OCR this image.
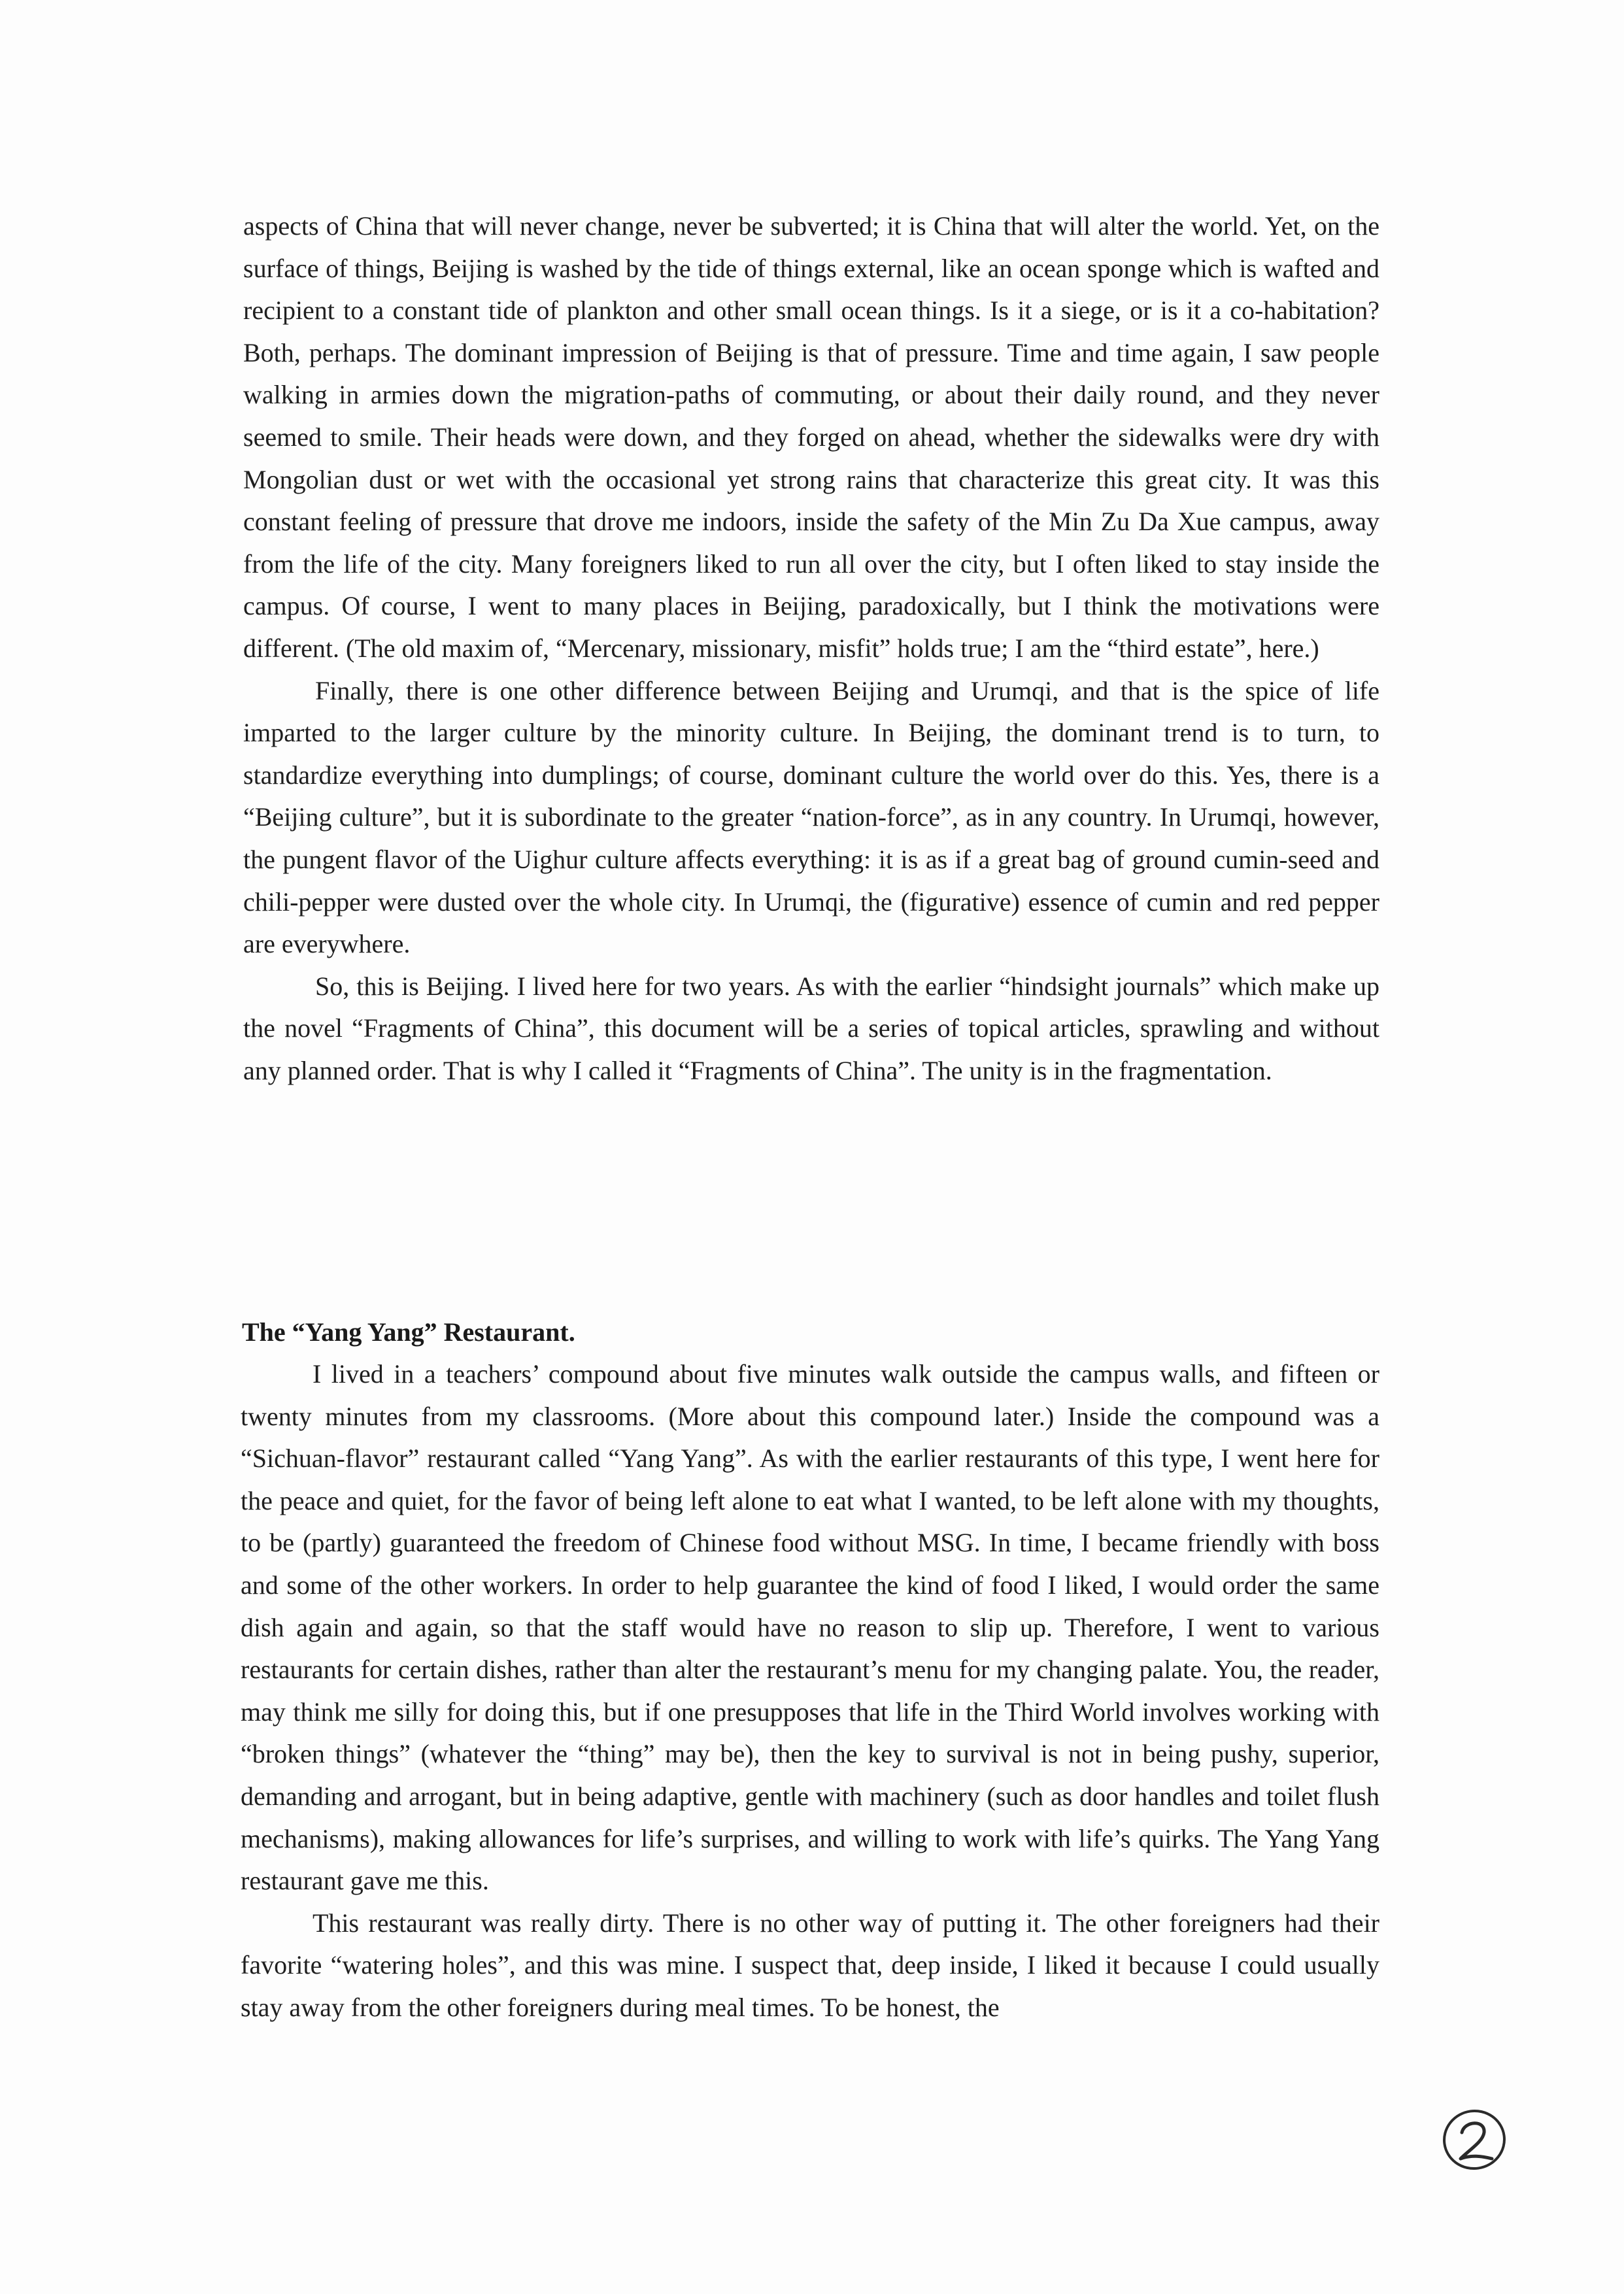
aspects of China that will never change, never be subverted; it is China that will alter the world. Yet, on the surface of things, Beijing is washed by the tide of things external, like an ocean sponge which is wafted and recipient to a constant tide of plankton and other small ocean things. Is it a siege, or is it a co-habitation? Both, perhaps. The dominant impression of Beijing is that of pressure. Time and time again, I saw people walking in armies down the migration-paths of commuting, or about their daily round, and they never seemed to smile. Their heads were down, and they forged on ahead, whether the sidewalks were dry with Mongolian dust or wet with the occasional yet strong rains that characterize this great city. It was this constant feeling of pressure that drove me indoors, inside the safety of the Min Zu Da Xue campus, away from the life of the city. Many foreigners liked to run all over the city, but I often liked to stay inside the campus. Of course, I went to many places in Beijing, paradoxically, but I think the motivations were different. (The old maxim of, “Mercenary, missionary, misfit” holds true; I am the “third estate”, here.)

Finally, there is one other difference between Beijing and Urumqi, and that is the spice of life imparted to the larger culture by the minority culture. In Beijing, the dominant trend is to turn, to standardize everything into dumplings; of course, dominant culture the world over do this. Yes, there is a “Beijing culture”, but it is subordinate to the greater “nation-force”, as in any country. In Urumqi, however, the pungent flavor of the Uighur culture affects everything: it is as if a great bag of ground cumin-seed and chili-pepper were dusted over the whole city. In Urumqi, the (figurative) essence of cumin and red pepper are everywhere.

So, this is Beijing. I lived here for two years. As with the earlier “hindsight journals” which make up the novel “Fragments of China”, this document will be a series of topical articles, sprawling and without any planned order. That is why I called it “Fragments of China”. The unity is in the fragmentation.

The “Yang Yang” Restaurant.

I lived in a teachers’ compound about five minutes walk outside the campus walls, and fifteen or twenty minutes from my classrooms. (More about this compound later.) Inside the compound was a “Sichuan-flavor” restaurant called “Yang Yang”. As with the earlier restaurants of this type, I went here for the peace and quiet, for the favor of being left alone to eat what I wanted, to be left alone with my thoughts, to be (partly) guaranteed the freedom of Chinese food without MSG. In time, I became friendly with boss and some of the other workers. In order to help guarantee the kind of food I liked, I would order the same dish again and again, so that the staff would have no reason to slip up. Therefore, I went to various restaurants for certain dishes, rather than alter the restaurant’s menu for my changing palate. You, the reader, may think me silly for doing this, but if one presupposes that life in the Third World involves working with “broken things” (whatever the “thing” may be), then the key to survival is not in being pushy, superior, demanding and arrogant, but in being adaptive, gentle with machinery (such as door handles and toilet flush mechanisms), making allowances for life’s surprises, and willing to work with life’s quirks. The Yang Yang restaurant gave me this.

This restaurant was really dirty. There is no other way of putting it. The other foreigners had their favorite “watering holes”, and this was mine. I suspect that, deep inside, I liked it because I could usually stay away from the other foreigners during meal times. To be honest, the
